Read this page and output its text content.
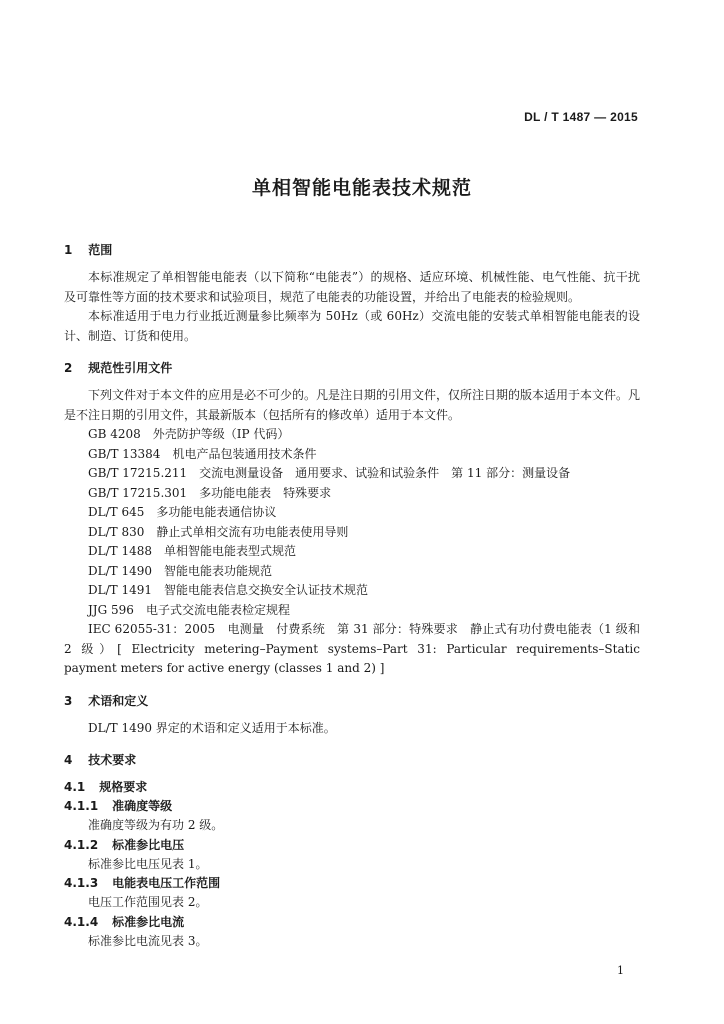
DL / T 1487 — 2015
单相智能电能表技术规范
1 范围

本标准规定了单相智能电能表（以下简称“电能表”）的规格、适应环境、机械性能、电气性能、抗干扰及可靠性等方面的技术要求和试验项目，规范了电能表的功能设置，并给出了电能表的检验规则。

本标准适用于电力行业抵近测量参比频率为 50Hz（或 60Hz）交流电能的安装式单相智能电能表的设计、制造、订货和使用。

2 规范性引用文件

下列文件对于本文件的应用是必不可少的。凡是注日期的引用文件，仅所注日期的版本适用于本文件。凡是不注日期的引用文件，其最新版本（包括所有的修改单）适用于本文件。

GB 4208 外壳防护等级（IP 代码）
GB/T 13384 机电产品包装通用技术条件
GB/T 17215.211 交流电测量设备　通用要求、试验和试验条件　第 11 部分：测量设备
GB/T 17215.301 多功能电能表　特殊要求
DL/T 645 多功能电能表通信协议
DL/T 830 静止式单相交流有功电能表使用导则
DL/T 1488 单相智能电能表型式规范
DL/T 1490 智能电能表功能规范
DL/T 1491 智能电能表信息交换安全认证技术规范
JJG 596 电子式交流电能表检定规程

IEC 62055-31：2005　电测量　付费系统　第 31 部分：特殊要求　静止式有功付费电能表（1 级和 2 级）[ Electricity metering–Payment systems–Part 31: Particular requirements–Static payment meters for active energy (classes 1 and 2) ]

3 术语和定义

DL/T 1490 界定的术语和定义适用于本标准。

4 技术要求
4.1 规格要求
4.1.1 准确度等级

准确度等级为有功 2 级。

4.1.2 标准参比电压

标准参比电压见表 1。

4.1.3 电能表电压工作范围

电压工作范围见表 2。

4.1.4 标准参比电流

标准参比电流见表 3。

1
